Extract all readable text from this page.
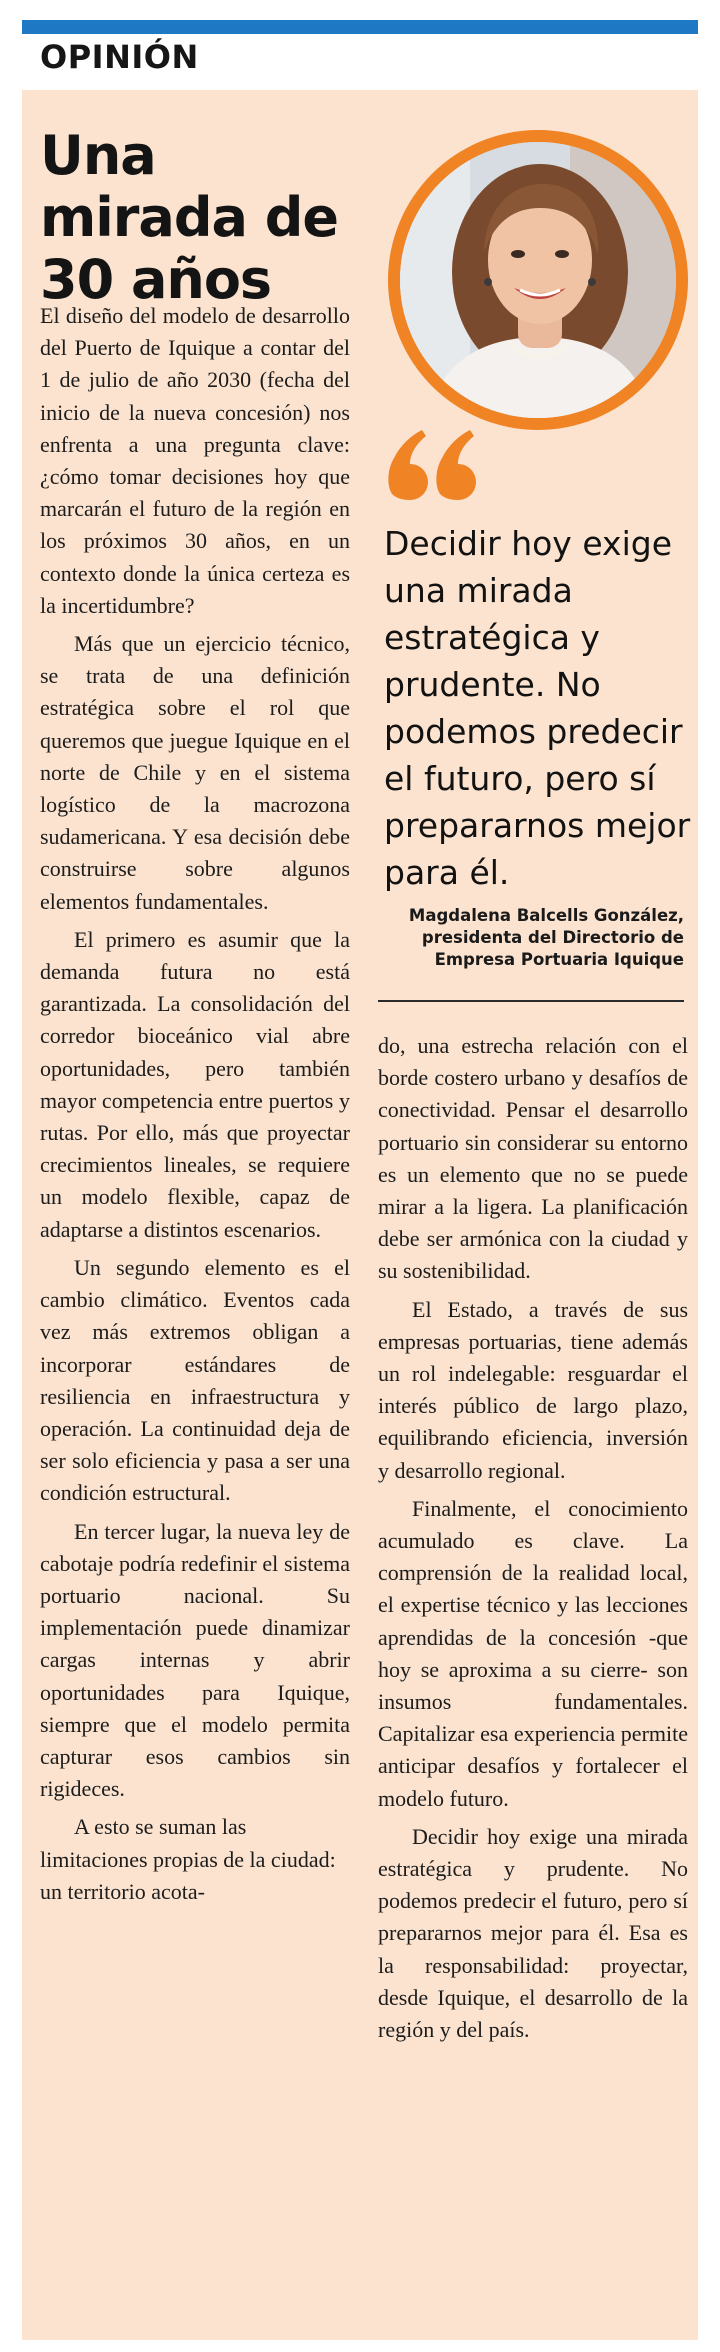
OPINIÓN
Una mirada de 30 años

El diseño del modelo de desarrollo del Puerto de Iquique a contar del 1 de julio de año 2030 (fecha del inicio de la nueva concesión) nos enfrenta a una pregunta clave: ¿cómo tomar decisiones hoy que marcarán el futuro de la región en los próximos 30 años, en un contexto donde la única certeza es la incertidumbre?

Más que un ejercicio técnico, se trata de una definición estratégica sobre el rol que queremos que juegue Iquique en el norte de Chile y en el sistema logístico de la macrozona sudamericana. Y esa decisión debe construirse sobre algunos elementos fundamentales.

El primero es asumir que la demanda futura no está garantizada. La consolidación del corredor bioceánico vial abre oportunidades, pero también mayor competencia entre puertos y rutas. Por ello, más que proyectar crecimientos lineales, se requiere un modelo flexible, capaz de adaptarse a distintos escenarios.

Un segundo elemento es el cambio climático. Eventos cada vez más extremos obligan a incorporar estándares de resiliencia en infraestructura y operación. La continuidad deja de ser solo eficiencia y pasa a ser una condición estructural.

En tercer lugar, la nueva ley de cabotaje podría redefinir el sistema portuario nacional. Su implementación puede dinamizar cargas internas y abrir oportunidades para Iquique, siempre que el modelo permita capturar esos cambios sin rigideces.

A esto se suman las limitaciones propias de la ciudad: un territorio acota-

Decidir hoy exige una mirada estratégica y prudente. No podemos predecir el futuro, pero sí prepararnos mejor para él.
Magdalena Balcells González,
presidenta del Directorio de
Empresa Portuaria Iquique

do, una estrecha relación con el borde costero urbano y desafíos de conectividad. Pensar el desarrollo portuario sin considerar su entorno es un elemento que no se puede mirar a la ligera. La planificación debe ser armónica con la ciudad y su sostenibilidad.

El Estado, a través de sus empresas portuarias, tiene además un rol indelegable: resguardar el interés público de largo plazo, equilibrando eficiencia, inversión y desarrollo regional.

Finalmente, el conocimiento acumulado es clave. La comprensión de la realidad local, el expertise técnico y las lecciones aprendidas de la concesión -que hoy se aproxima a su cierre- son insumos fundamentales. Capitalizar esa experiencia permite anticipar desafíos y fortalecer el modelo futuro.

Decidir hoy exige una mirada estratégica y prudente. No podemos predecir el futuro, pero sí prepararnos mejor para él. Esa es la responsabilidad: proyectar, desde Iquique, el desarrollo de la región y del país.
